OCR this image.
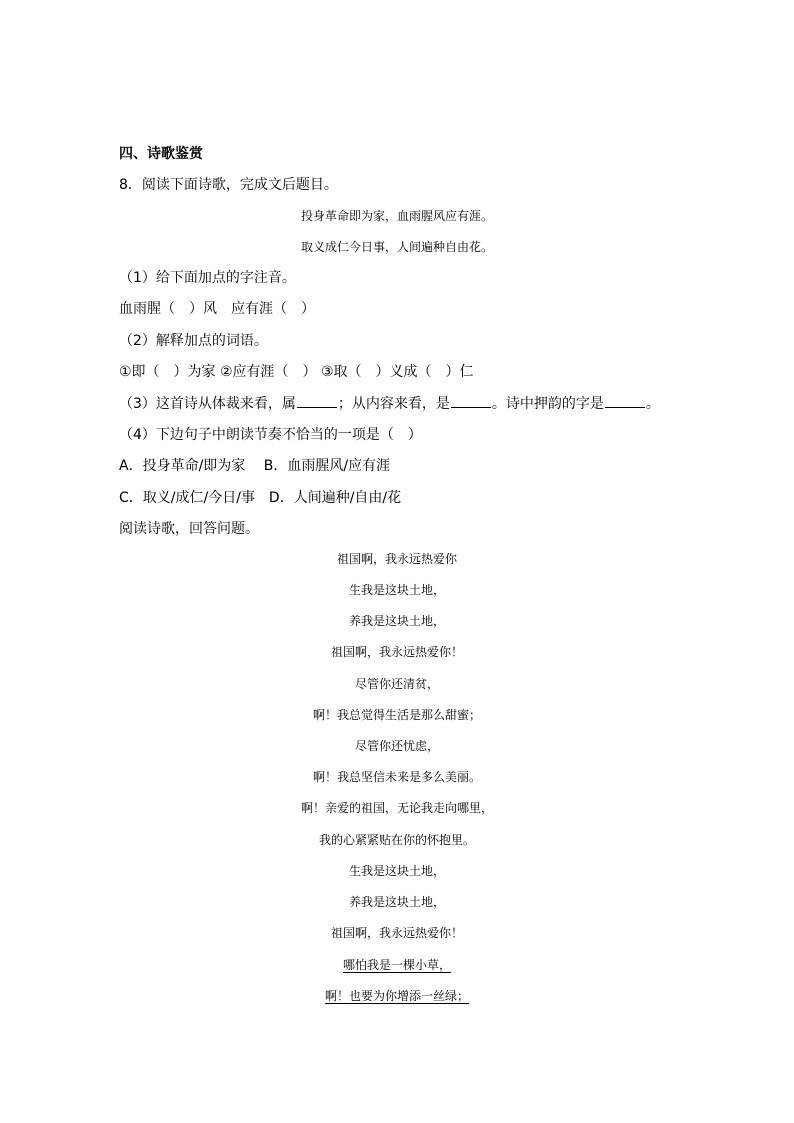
四、诗歌鉴赏
8．阅读下面诗歌，完成文后题目。
投身革命即为家，血雨腥风应有涯。
取义成仁今日事，人间遍种自由花。
（1）给下面加点的字注音。
血雨腥（　）风　应有涯（　）
（2）解释加点的词语。
①即（　）为家 ②应有涯（　） ③取（　）义成（　）仁
（3）这首诗从体裁来看，属	；从内容来看，是	。诗中押韵的字是	。
（4）下边句子中朗读节奏不恰当的一项是（　）
A．投身革命/即为家　 B．血雨腥风/应有涯
C．取义/成仁/今日/事　D．人间遍种/自由/花
阅读诗歌，回答问题。
祖国啊，我永远热爱你
生我是这块土地，
养我是这块土地，
祖国啊，我永远热爱你！
尽管你还清贫，
啊！我总觉得生活是那么甜蜜；
尽管你还忧虑，
啊！我总坚信未来是多么美丽。
啊！亲爱的祖国，无论我走向哪里，
我的心紧紧贴在你的怀抱里。
生我是这块土地，
养我是这块土地，
祖国啊，我永远热爱你！
哪怕我是一棵小草，
啊！也要为你增添一丝绿；
